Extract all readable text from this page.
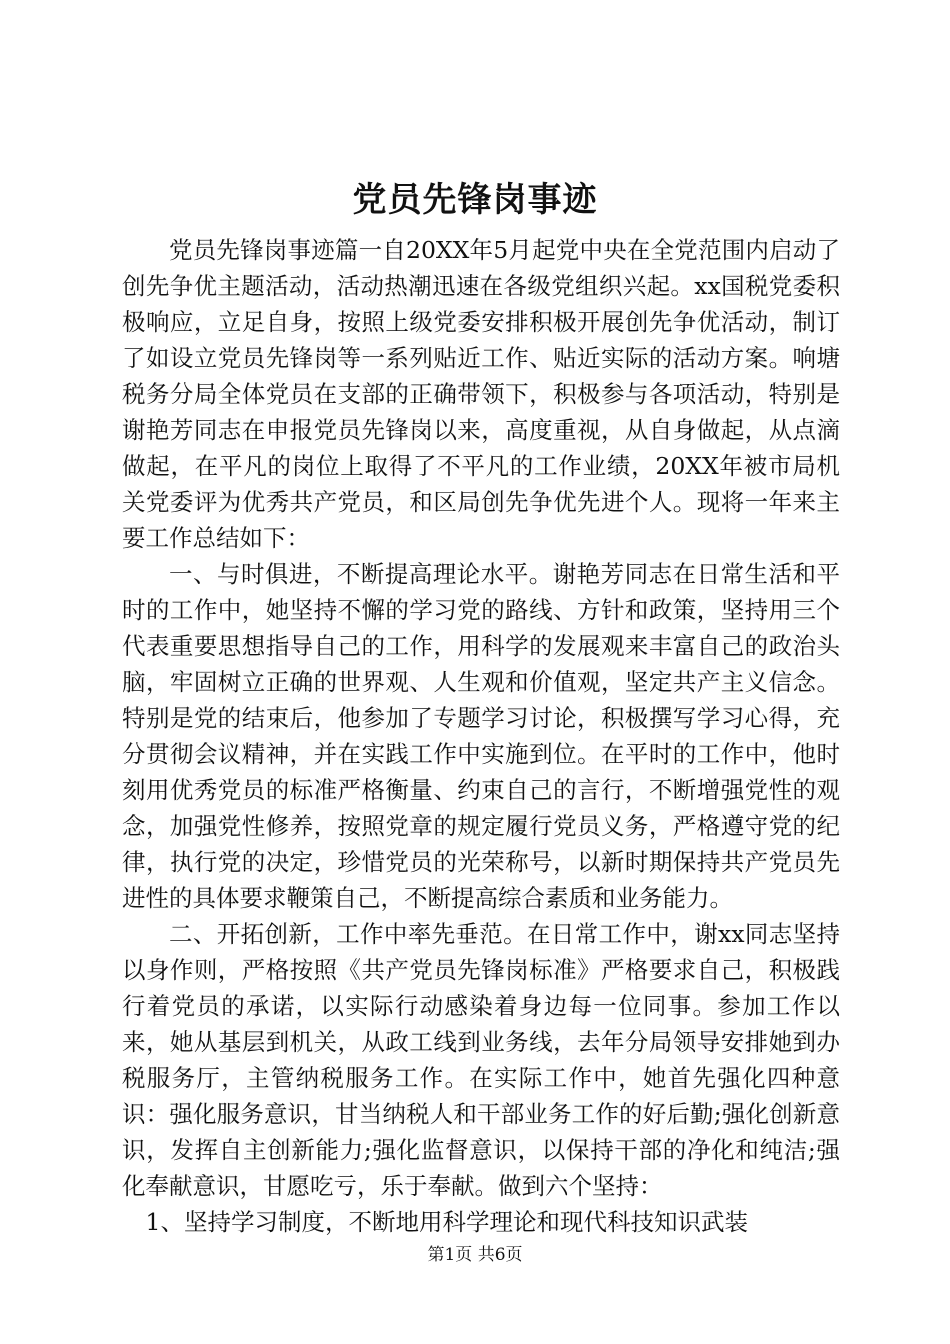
党员先锋岗事迹

党员先锋岗事迹篇一自20XX年5月起党中央在全党范围内启动了创先争优主题活动，活动热潮迅速在各级党组织兴起。xx国税党委积极响应，立足自身，按照上级党委安排积极开展创先争优活动，制订了如设立党员先锋岗等一系列贴近工作、贴近实际的活动方案。响塘税务分局全体党员在支部的正确带领下，积极参与各项活动，特别是谢艳芳同志在申报党员先锋岗以来，高度重视，从自身做起，从点滴做起，在平凡的岗位上取得了不平凡的工作业绩，20XX年被市局机关党委评为优秀共产党员，和区局创先争优先进个人。现将一年来主要工作总结如下：

一、与时俱进，不断提高理论水平。谢艳芳同志在日常生活和平时的工作中，她坚持不懈的学习党的路线、方针和政策，坚持用三个代表重要思想指导自己的工作，用科学的发展观来丰富自己的政治头脑，牢固树立正确的世界观、人生观和价值观，坚定共产主义信念。特别是党的结束后，他参加了专题学习讨论，积极撰写学习心得，充分贯彻会议精神，并在实践工作中实施到位。在平时的工作中，他时刻用优秀党员的标准严格衡量、约束自己的言行，不断增强党性的观念，加强党性修养，按照党章的规定履行党员义务，严格遵守党的纪律，执行党的决定，珍惜党员的光荣称号，以新时期保持共产党员先进性的具体要求鞭策自己，不断提高综合素质和业务能力。

二、开拓创新，工作中率先垂范。在日常工作中，谢xx同志坚持以身作则，严格按照《共产党员先锋岗标准》严格要求自己，积极践行着党员的承诺，以实际行动感染着身边每一位同事。参加工作以来，她从基层到机关，从政工线到业务线，去年分局领导安排她到办税服务厅，主管纳税服务工作。在实际工作中，她首先强化四种意识：强化服务意识，甘当纳税人和干部业务工作的好后勤;强化创新意识，发挥自主创新能力;强化监督意识，以保持干部的净化和纯洁;强化奉献意识，甘愿吃亏，乐于奉献。做到六个坚持：

1、坚持学习制度，不断地用科学理论和现代科技知识武装

第1页 共6页
